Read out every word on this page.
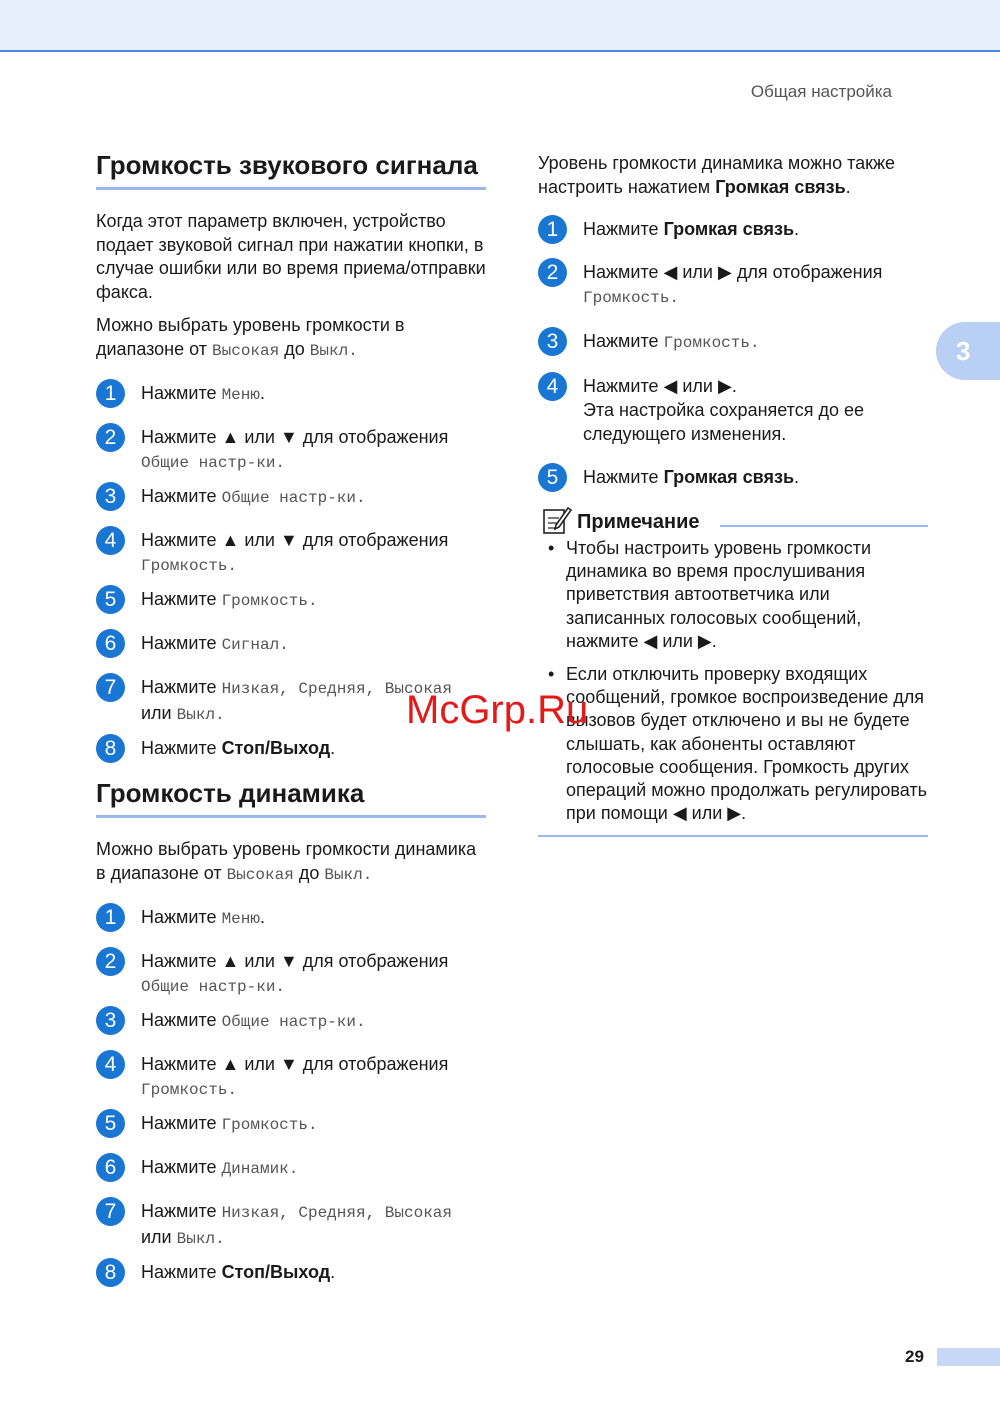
Общая настройка
3
Громкость звукового сигнала

Когда этот параметр включен, устройство подает звуковой сигнал при нажатии кнопки, в случае ошибки или во время приема/отправки факса.

Можно выбрать уровень громкости в диапазоне от Высокая до Выкл.

1	Нажмите Меню.
2	Нажмите ▲ или ▼ для отображения
Общие настр-ки.
3	Нажмите Общие настр-ки.
4	Нажмите ▲ или ▼ для отображения
Громкость.
5	Нажмите Громкость.
6	Нажмите Сигнал.
7	Нажмите Низкая, Средняя, Высокая
или Выкл.
8	Нажмите Стоп/Выход.
Громкость динамика

Можно выбрать уровень громкости динамика в диапазоне от Высокая до Выкл.

1	Нажмите Меню.
2	Нажмите ▲ или ▼ для отображения
Общие настр-ки.
3	Нажмите Общие настр-ки.
4	Нажмите ▲ или ▼ для отображения
Громкость.
5	Нажмите Громкость.
6	Нажмите Динамик.
7	Нажмите Низкая, Средняя, Высокая
или Выкл.
8	Нажмите Стоп/Выход.

Уровень громкости динамика можно также настроить нажатием Громкая связь.

1	Нажмите Громкая связь.
2	Нажмите ◀ или ▶ для отображения
Громкость.
3	Нажмите Громкость.
4	Нажмите ◀ или ▶.
Эта настройка сохраняется до ее следующего изменения.
5	Нажмите Громкая связь.
Примечание
• Чтобы настроить уровень громкости динамика во время прослушивания приветствия автоответчика или записанных голосовых сообщений, нажмите ◀ или ▶.
• Если отключить проверку входящих сообщений, громкое воспроизведение для вызовов будет отключено и вы не будете слышать, как абоненты оставляют голосовые сообщения. Громкость других операций можно продолжать регулировать при помощи ◀ или ▶.
McGrp.Ru
29
